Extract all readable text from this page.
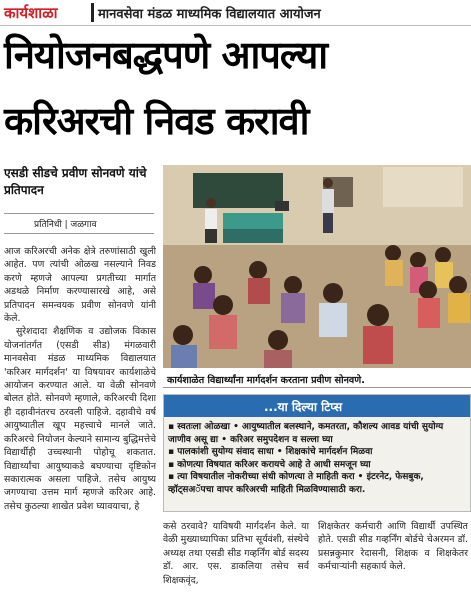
कार्यशाळा	मानवसेवा मंडळ माध्यमिक विद्यालयात आयोजन
नियोजनबद्धपणे आपल्या
करिअरची निवड करावी
एसडी सीडचे प्रवीण सोनवणे यांचे प्रतिपादन
प्रतिनिधी | जळगाव

आज करिअरची अनेक क्षेत्रे तरुणांसाठी खुली आहेत. पण त्यांची ओळख नसल्याने निवड करणे म्हणजे आपल्या प्रगतीच्या मार्गात अडथळे निर्माण करण्यासारखे आहे, असे प्रतिपादन समन्वयक प्रवीण सोनवणे यांनी केले.

सुरेशदादा शैक्षणिक व उद्योजक विकास योजनांतर्गत (एसडी सीड) मंगळवारी मानवसेवा मंडळ माध्यमिक विद्यालयात 'करिअर मार्गदर्शन' या विषयावर कार्यशाळेचे आयोजन करण्यात आले. या वेळी सोनवणे बोलत होते. सोनवणे म्हणाले, करिअरची दिशा ही दहावीनंतरच ठरवली पाहिजे. दहावीचे वर्ष आयुष्यातील खूप महत्त्वाचे मानले जाते. करिअरचे नियोजन केल्याने सामान्य बुद्धिमत्तेचे विद्यार्थीही उच्चस्थानी पोहोचू शकतात. विद्यार्थ्यांचा आयुष्याकडे बघण्याचा दृष्टिकोन सकारात्मक असला पाहिजे. तसेच आयुष्य जगण्याचा उत्तम मार्ग म्हणजे करिअर आहे. तसेच कुठल्या शाखेत प्रवेश घ्यावयाचा, हे

कार्यशाळेत विद्यार्थ्यांना मार्गदर्शन करताना प्रवीण सोनवणे.
...या दिल्या टिप्स
▪ स्वतःला ओळखा • आयुष्यातील बलस्थाने, कमतरता, कौशल्य आवड यांची सुयोग्य जाणीव असू द्या • करिअर समुपदेशन व सल्ला घ्या
▪ पालकांशी सुयोग्य संवाद साधा • शिक्षकांचे मार्गदर्शन मिळवा
▪ कोणत्या विषयात करिअर करायचे आहे ते आधी समजून घ्या
▪ त्या विषयातील नोकरीच्या संधी कोणत्या ते माहिती करा • इंटरनेट, फेसबुक, व्हॉट्सअॅपचा वापर करिअरची माहिती मिळविण्यासाठी करा.
कसे ठरवावे? याविषयी मार्गदर्शन केले. या वेळी मुख्याध्यापिका प्रतिभा सूर्यवंशी, संस्थेचे अध्यक्ष तथा एसडी सीड गव्हर्निंग बोर्ड सदस्य डॉ. आर. एस. डाकलिया तसेच सर्व शिक्षकवृंद,
शिक्षकेतर कर्मचारी आणि विद्यार्थी उपस्थित होते. एसडी सीड गव्हर्निंग बोर्डचे चेअरमन डॉ. प्रसन्नकुमार रेदासनी, शिक्षक व शिक्षकेतर कर्मचाऱ्यांनी सहकार्य केले.
